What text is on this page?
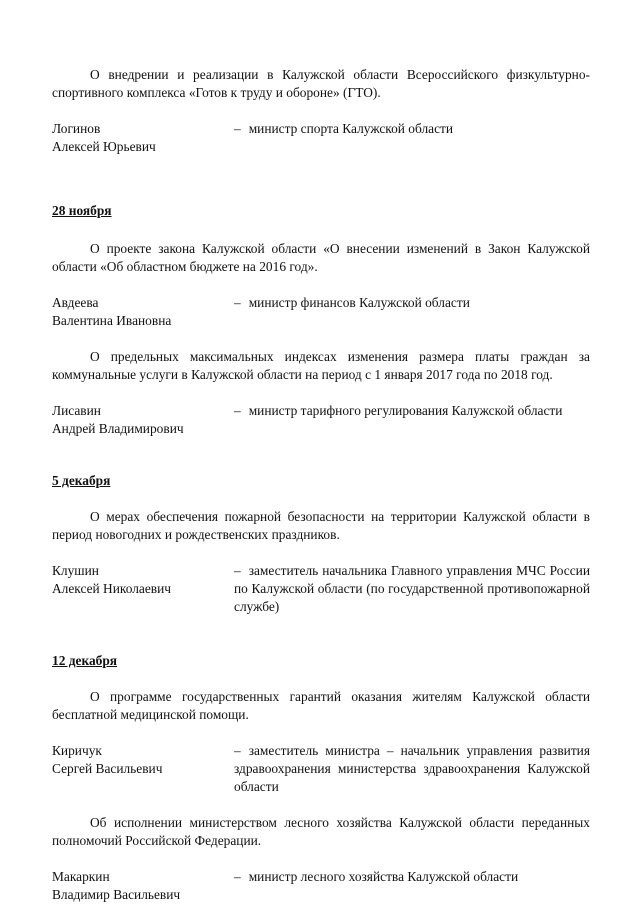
О внедрении и реализации в Калужской области Всероссийского физкультурно-спортивного комплекса «Готов к труду и обороне» (ГТО).

Логинов
Алексей Юрьевич
– министр спорта Калужской области

28 ноября

О проекте закона Калужской области «О внесении изменений в Закон Калужской области «Об областном бюджете на 2016 год».

Авдеева
Валентина Ивановна
– министр финансов Калужской области

О предельных максимальных индексах изменения размера платы граждан за коммунальные услуги в Калужской области на период с 1 января 2017 года по 2018 год.

Лисавин
Андрей Владимирович
– министр тарифного регулирования Калужской области

5 декабря

О мерах обеспечения пожарной безопасности на территории Калужской области в период новогодних и рождественских праздников.

Клушин
Алексей Николаевич
– заместитель начальника Главного управления МЧС России по Калужской области (по государственной противопожарной службе)

12 декабря

О программе государственных гарантий оказания жителям Калужской области бесплатной медицинской помощи.

Киричук
Сергей Васильевич
– заместитель министра – начальник управления развития здравоохранения министерства здравоохранения Калужской области

Об исполнении министерством лесного хозяйства Калужской области переданных полномочий Российской Федерации.

Макаркин
Владимир Васильевич
– министр лесного хозяйства Калужской области
